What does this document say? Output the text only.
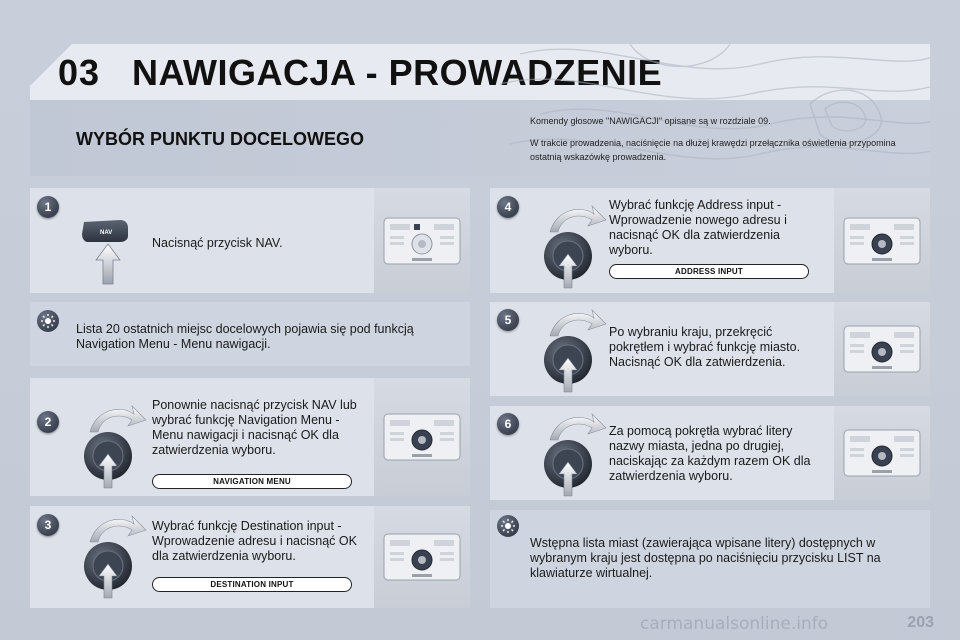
03 NAWIGACJA - PROWADZENIE
WYBÓR PUNKTU DOCELOWEGO

Komendy głosowe "NAWIGACJI" opisane są w rozdziale 09.

W trakcie prowadzenia, naciśnięcie na dłużej krawędzi przełącznika oświetlenia przypomina ostatnią wskazówkę prowadzenia.

1
NAV
Nacisnąć przycisk NAV.
Lista 20 ostatnich miejsc docelowych pojawia się pod funkcją Navigation Menu - Menu nawigacji.
2
Ponownie nacisnąć przycisk NAV lub wybrać funkcję Navigation Menu - Menu nawigacji i nacisnąć OK dla zatwierdzenia wyboru.
NAVIGATION MENU
3	Wybrać funkcję Destination input - Wprowadzenie adresu i nacisnąć OK dla zatwierdzenia wyboru.
DESTINATION INPUT
4	Wybrać funkcję Address input - Wprowadzenie nowego adresu i nacisnąć OK dla zatwierdzenia wyboru.
ADDRESS INPUT
5
Po wybraniu kraju, przekręcić pokrętłem i wybrać funkcję miasto. Nacisnąć OK dla zatwierdzenia.
6	Za pomocą pokrętła wybrać litery nazwy miasta, jedna po drugiej, naciskając za każdym razem OK dla zatwierdzenia wyboru.
Wstępna lista miast (zawierająca wpisane litery) dostępnych w wybranym kraju jest dostępna po naciśnięciu przycisku LIST na klawiaturze wirtualnej.
203
carmanualsonline.info
